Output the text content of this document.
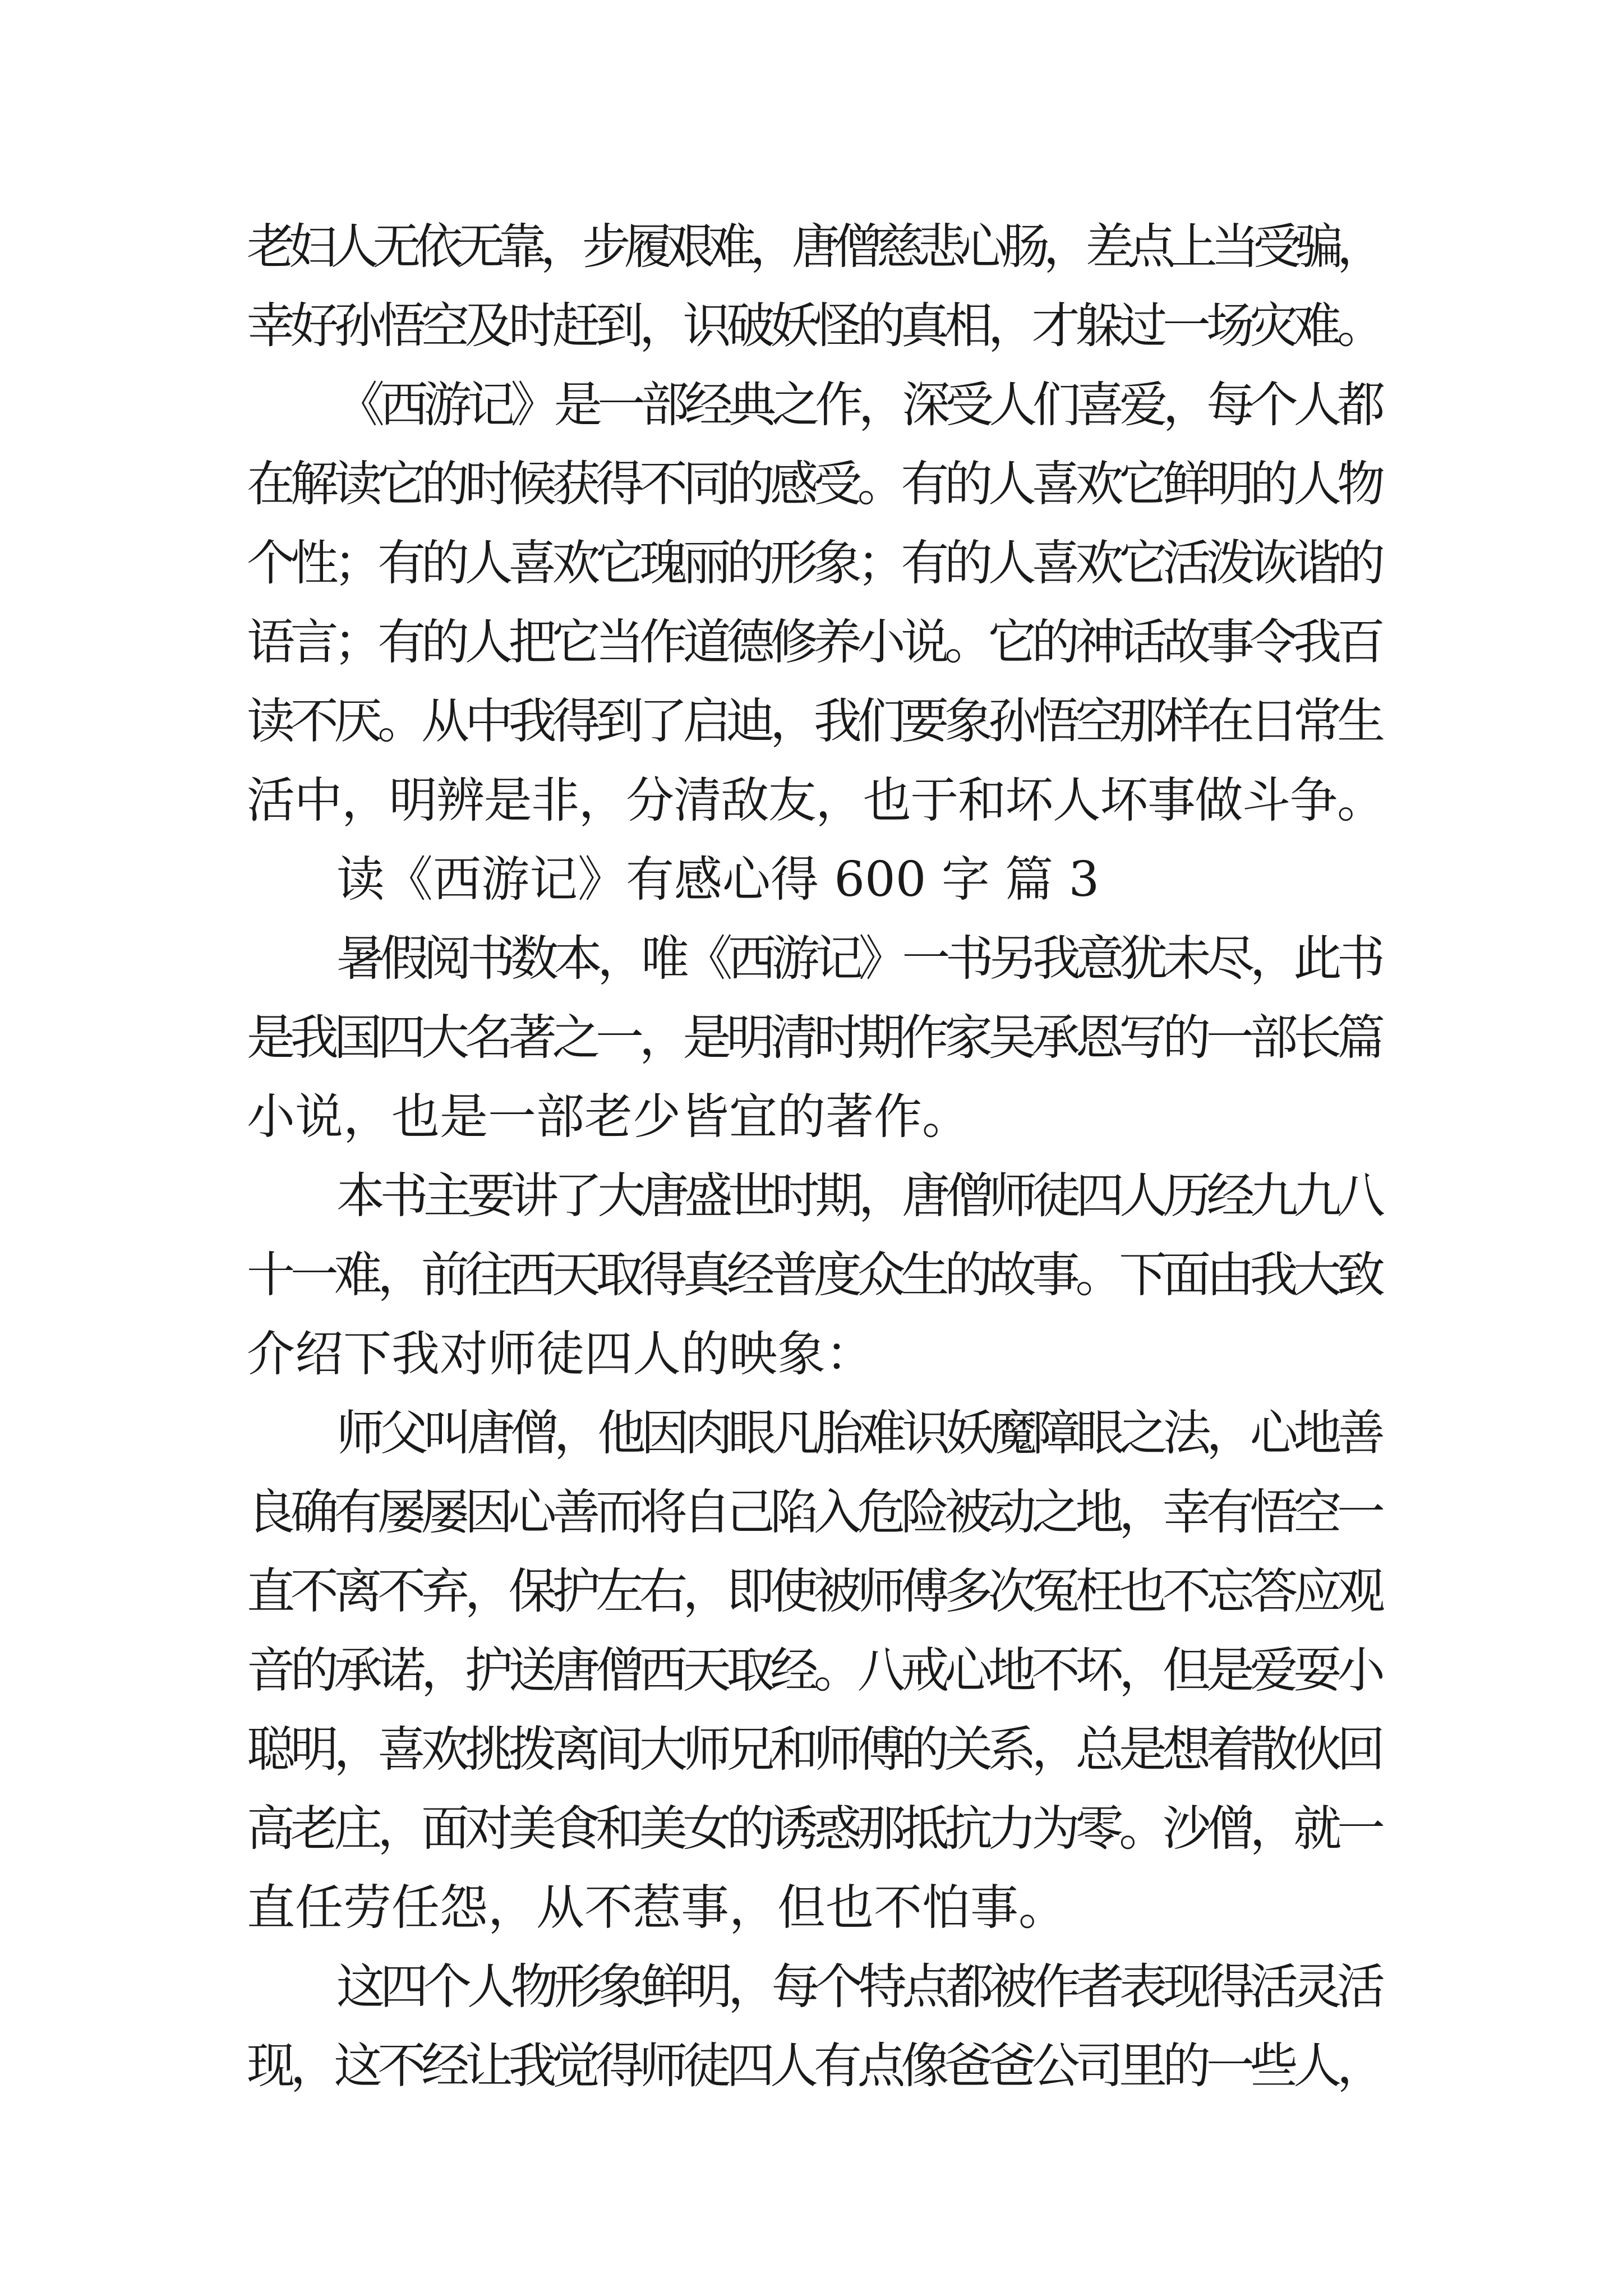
老妇人无依无靠，步履艰难，唐僧慈悲心肠，差点上当受骗，
幸好孙悟空及时赶到，识破妖怪的真相，才躲过一场灾难。
《西游记》是一部经典之作，深受人们喜爱，每个人都
在解读它的时候获得不同的感受。有的人喜欢它鲜明的人物
个性；有的人喜欢它瑰丽的形象；有的人喜欢它活泼诙谐的
语言；有的人把它当作道德修养小说。它的神话故事令我百
读不厌。从中我得到了启迪，我们要象孙悟空那样在日常生
活中，明辨是非，分清敌友，也于和坏人坏事做斗争。
读《西游记》有感心得 600 字 篇 3
暑假阅书数本，唯《西游记》一书另我意犹未尽，此书
是我国四大名著之一，是明清时期作家吴承恩写的一部长篇
小说，也是一部老少皆宜的著作。
本书主要讲了大唐盛世时期，唐僧师徒四人历经九九八
十一难，前往西天取得真经普度众生的故事。下面由我大致
介绍下我对师徒四人的映象：
师父叫唐僧，他因肉眼凡胎难识妖魔障眼之法，心地善
良确有屡屡因心善而将自己陷入危险被动之地，幸有悟空一
直不离不弃，保护左右，即使被师傅多次冤枉也不忘答应观
音的承诺，护送唐僧西天取经。八戒心地不坏，但是爱耍小
聪明，喜欢挑拨离间大师兄和师傅的关系，总是想着散伙回
高老庄，面对美食和美女的诱惑那抵抗力为零。沙僧，就一
直任劳任怨，从不惹事，但也不怕事。
这四个人物形象鲜明，每个特点都被作者表现得活灵活
现，这不经让我觉得师徒四人有点像爸爸公司里的一些人，
